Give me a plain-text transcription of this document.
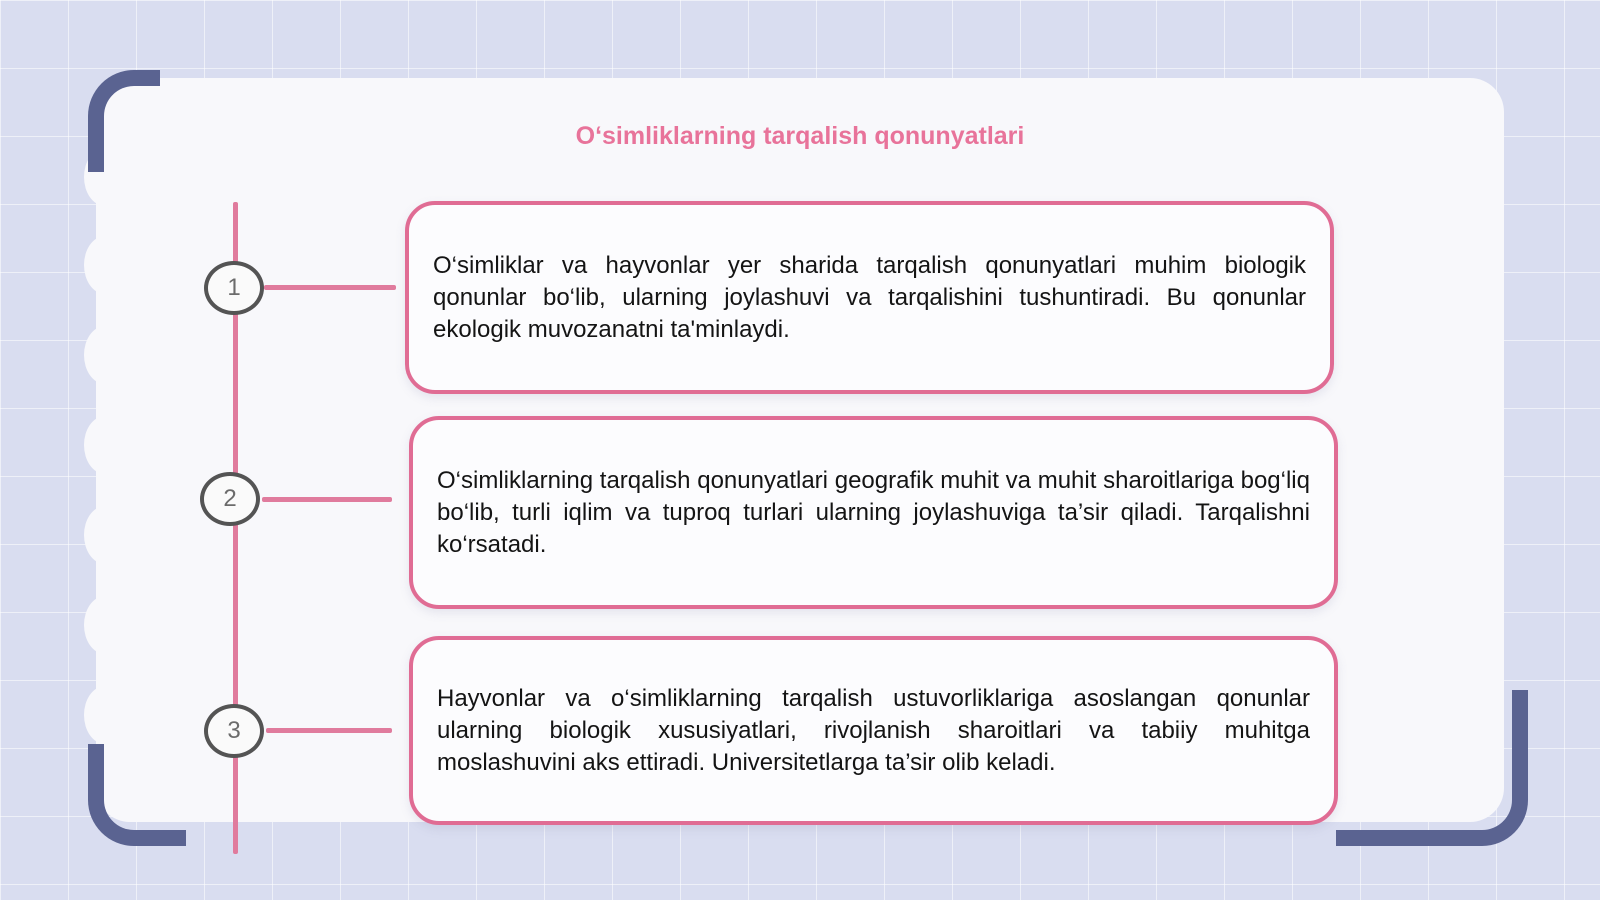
O‘simliklarning tarqalish qonunyatlari
1

O‘simliklar va hayvonlar yer sharida tarqalish qonunyatlari muhim biologik qonunlar bo‘lib, ularning joylashuvi va tarqalishini tushuntiradi. Bu qonunlar ekologik muvozanatni ta'minlaydi.

2

O‘simliklarning tarqalish qonunyatlari geografik muhit va muhit sharoitlariga bog‘liq bo‘lib, turli iqlim va tuproq turlari ularning joylashuviga ta’sir qiladi. Tarqalishni ko‘rsatadi.

3

Hayvonlar va o‘simliklarning tarqalish ustuvorliklariga asoslangan qonunlar ularning biologik xususiyatlari, rivojlanish sharoitlari va tabiiy muhitga moslashuvini aks ettiradi. Universitetlarga ta’sir olib keladi.
